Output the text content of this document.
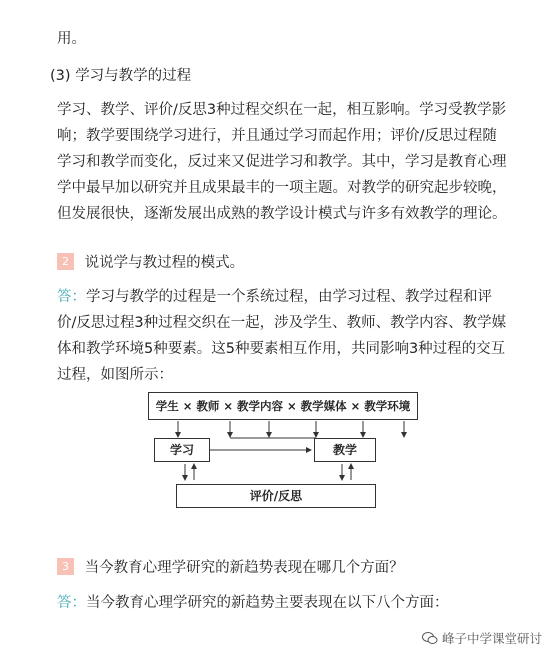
用。
(3) 学习与教学的过程
学习、教学、评价/反思3种过程交织在一起，相互影响。学习受教学影
响；教学要围绕学习进行，并且通过学习而起作用；评价/反思过程随
学习和教学而变化，反过来又促进学习和教学。其中，学习是教育心理
学中最早加以研究并且成果最丰的一项主题。对教学的研究起步较晚，
但发展很快，逐渐发展出成熟的教学设计模式与许多有效教学的理论。
2 说说学与教过程的模式。
答：学习与教学的过程是一个系统过程，由学习过程、教学过程和评
价/反思过程3种过程交织在一起，涉及学生、教师、教学内容、教学媒
体和教学环境5种要素。这5种要素相互作用，共同影响3种过程的交互
过程，如图所示：
学生 × 教师 × 教学内容 × 教学媒体 × 教学环境
学习	教学
评价/反思
3 当今教育心理学研究的新趋势表现在哪几个方面？
答：当今教育心理学研究的新趋势主要表现在以下八个方面：
峰子中学课堂研讨
